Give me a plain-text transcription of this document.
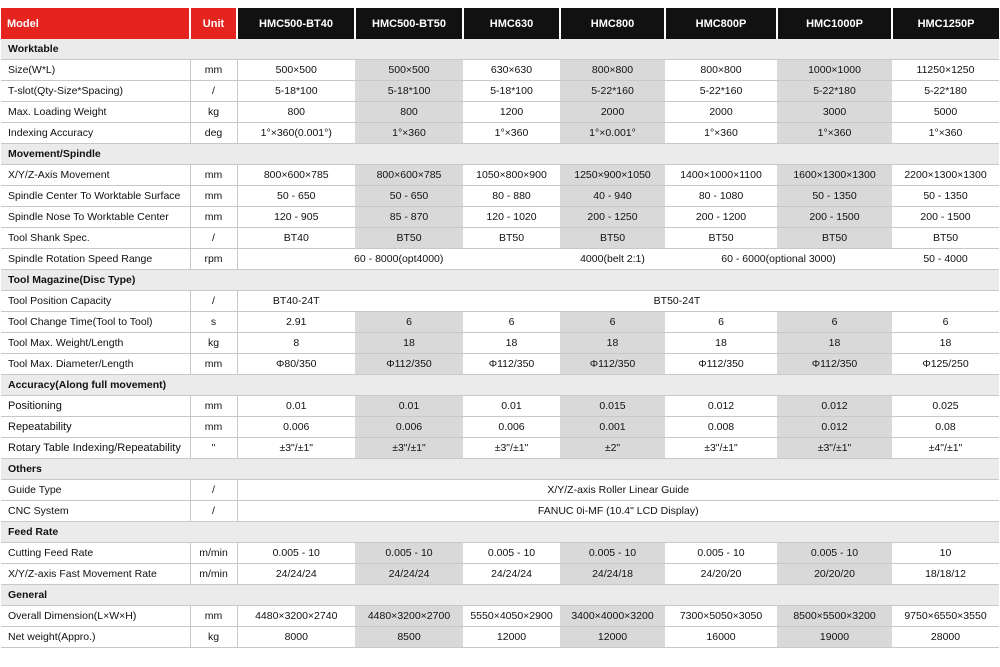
Model	Unit	HMC500-BT40	HMC500-BT50	HMC630	HMC800	HMC800P	HMC1000P	HMC1250P
Worktable								
Size(W*L)	mm	500×500	500×500	630×630	800×800	800×800	1000×1000	11250×1250
T-slot(Qty-Size*Spacing)	/	5-18*100	5-18*100	5-18*100	5-22*160	5-22*160	5-22*180	5-22*180
Max. Loading Weight	kg	800	800	1200	2000	2000	3000	5000
Indexing Accuracy	deg	1°×360(0.001°)	1°×360	1°×360	1°×0.001°	1°×360	1°×360	1°×360
Movement/Spindle								
X/Y/Z-Axis Movement	mm	800×600×785	800×600×785	1050×800×900	1250×900×1050	1400×1000×1100	1600×1300×1300	2200×1300×1300
Spindle Center To Worktable Surface	mm	50 - 650	50 - 650	80 - 880	40 - 940	80 - 1080	50 - 1350	50 - 1350
Spindle Nose To Worktable Center	mm	120 - 905	85 - 870	120 - 1020	200 - 1250	200 - 1200	200 - 1500	200 - 1500
Tool Shank Spec.	/	BT40	BT50	BT50	BT50	BT50	BT50	BT50
Spindle Rotation Speed Range	rpm	60 - 8000(opt4000)			4000(belt 2:1)	60 - 6000(optional 3000)		50 - 4000
Tool Magazine(Disc Type)								
Tool Position Capacity	/	BT40-24T	BT50-24T					
Tool Change Time(Tool to Tool)	s	2.91	6	6	6	6	6	6
Tool Max. Weight/Length	kg	8	18	18	18	18	18	18
Tool Max. Diameter/Length	mm	Φ80/350	Φ112/350	Φ112/350	Φ112/350	Φ112/350	Φ112/350	Φ125/250
Accuracy(Along full movement)								
Positioning	mm	0.01	0.01	0.01	0.015	0.012	0.012	0.025
Repeatability	mm	0.006	0.006	0.006	0.001	0.008	0.012	0.08
Rotary Table Indexing/Repeatability	"	±3"/±1"	±3"/±1"	±3"/±1"	±2"	±3"/±1"	±3"/±1"	±4"/±1"
Others								
Guide Type	/	X/Y/Z-axis Roller Linear Guide						
CNC System	/	FANUC 0i-MF (10.4" LCD Display)						
Feed Rate								
Cutting Feed Rate	m/min	0.005 - 10	0.005 - 10	0.005 - 10	0.005 - 10	0.005 - 10	0.005 - 10	10
X/Y/Z-axis Fast Movement Rate	m/min	24/24/24	24/24/24	24/24/24	24/24/18	24/20/20	20/20/20	18/18/12
General								
Overall Dimension(L×W×H)	mm	4480×3200×2740	4480×3200×2700	5550×4050×2900	3400×4000×3200	7300×5050×3050	8500×5500×3200	9750×6550×3550
Net weight(Appro.)	kg	8000	8500	12000	12000	16000	19000	28000
